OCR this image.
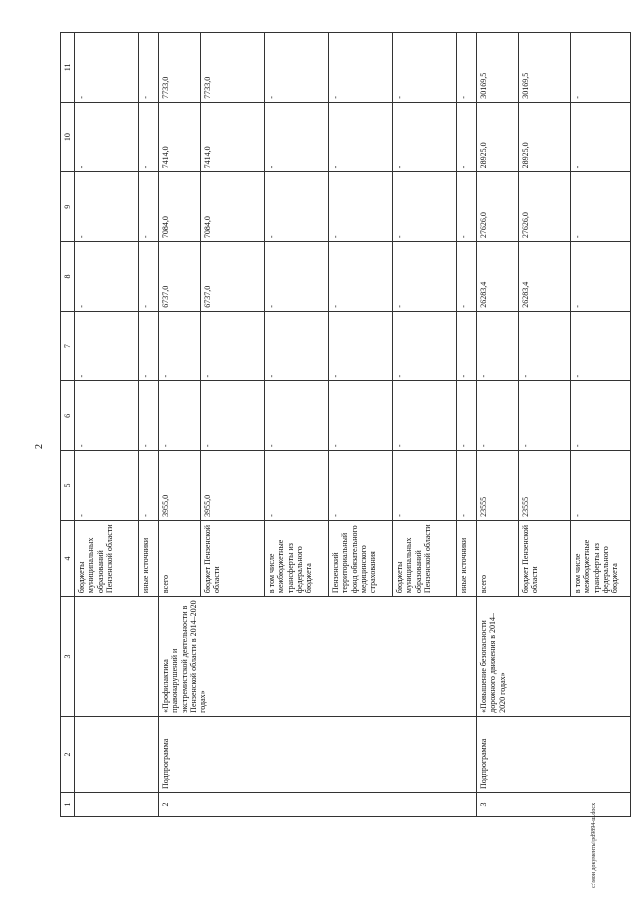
2
1	2	3	4	5	6	7	8	9	10	11
			бюджеты муниципальных образований Пензенской области	-	-	-	-	-	-	-
			иные источники	-	-	-	-	-	-	-
2	Подпрограмма	«Профилактика правонарушений и экстремистской деятельности в Пензенской области в 2014–2020 годах»	всего	3955,0	-	-	6737,0	7084,0	7414,0	7733,0
			бюджет Пензенской области	3955,0	-	-	6737,0	7084,0	7414,0	7733,0
			в том числе межбюджетные трансферты из федерального бюджета	-	-	-	-	-	-	-
			Пензенский территориальный фонд обязательного медицинского страхования	-	-	-	-	-	-	-
			бюджеты муниципальных образований Пензенской области	-	-	-	-	-	-	-
			иные источники	-	-	-	-	-	-	-
3	Подпрограмма	«Повышение безопасности дорожного движения в 2014–2020 годах»	всего	23555	-	-	26283,4	27626,0	28925,0	30169,5
			бюджет Пензенской области	23555	-	-	26283,4	27626,0	28925,0	30169,5
			в том числе межбюджетные трансферты из федерального бюджета	-	-	-	-	-	-	-
c:\мои документы\pd9894-ш.docx
